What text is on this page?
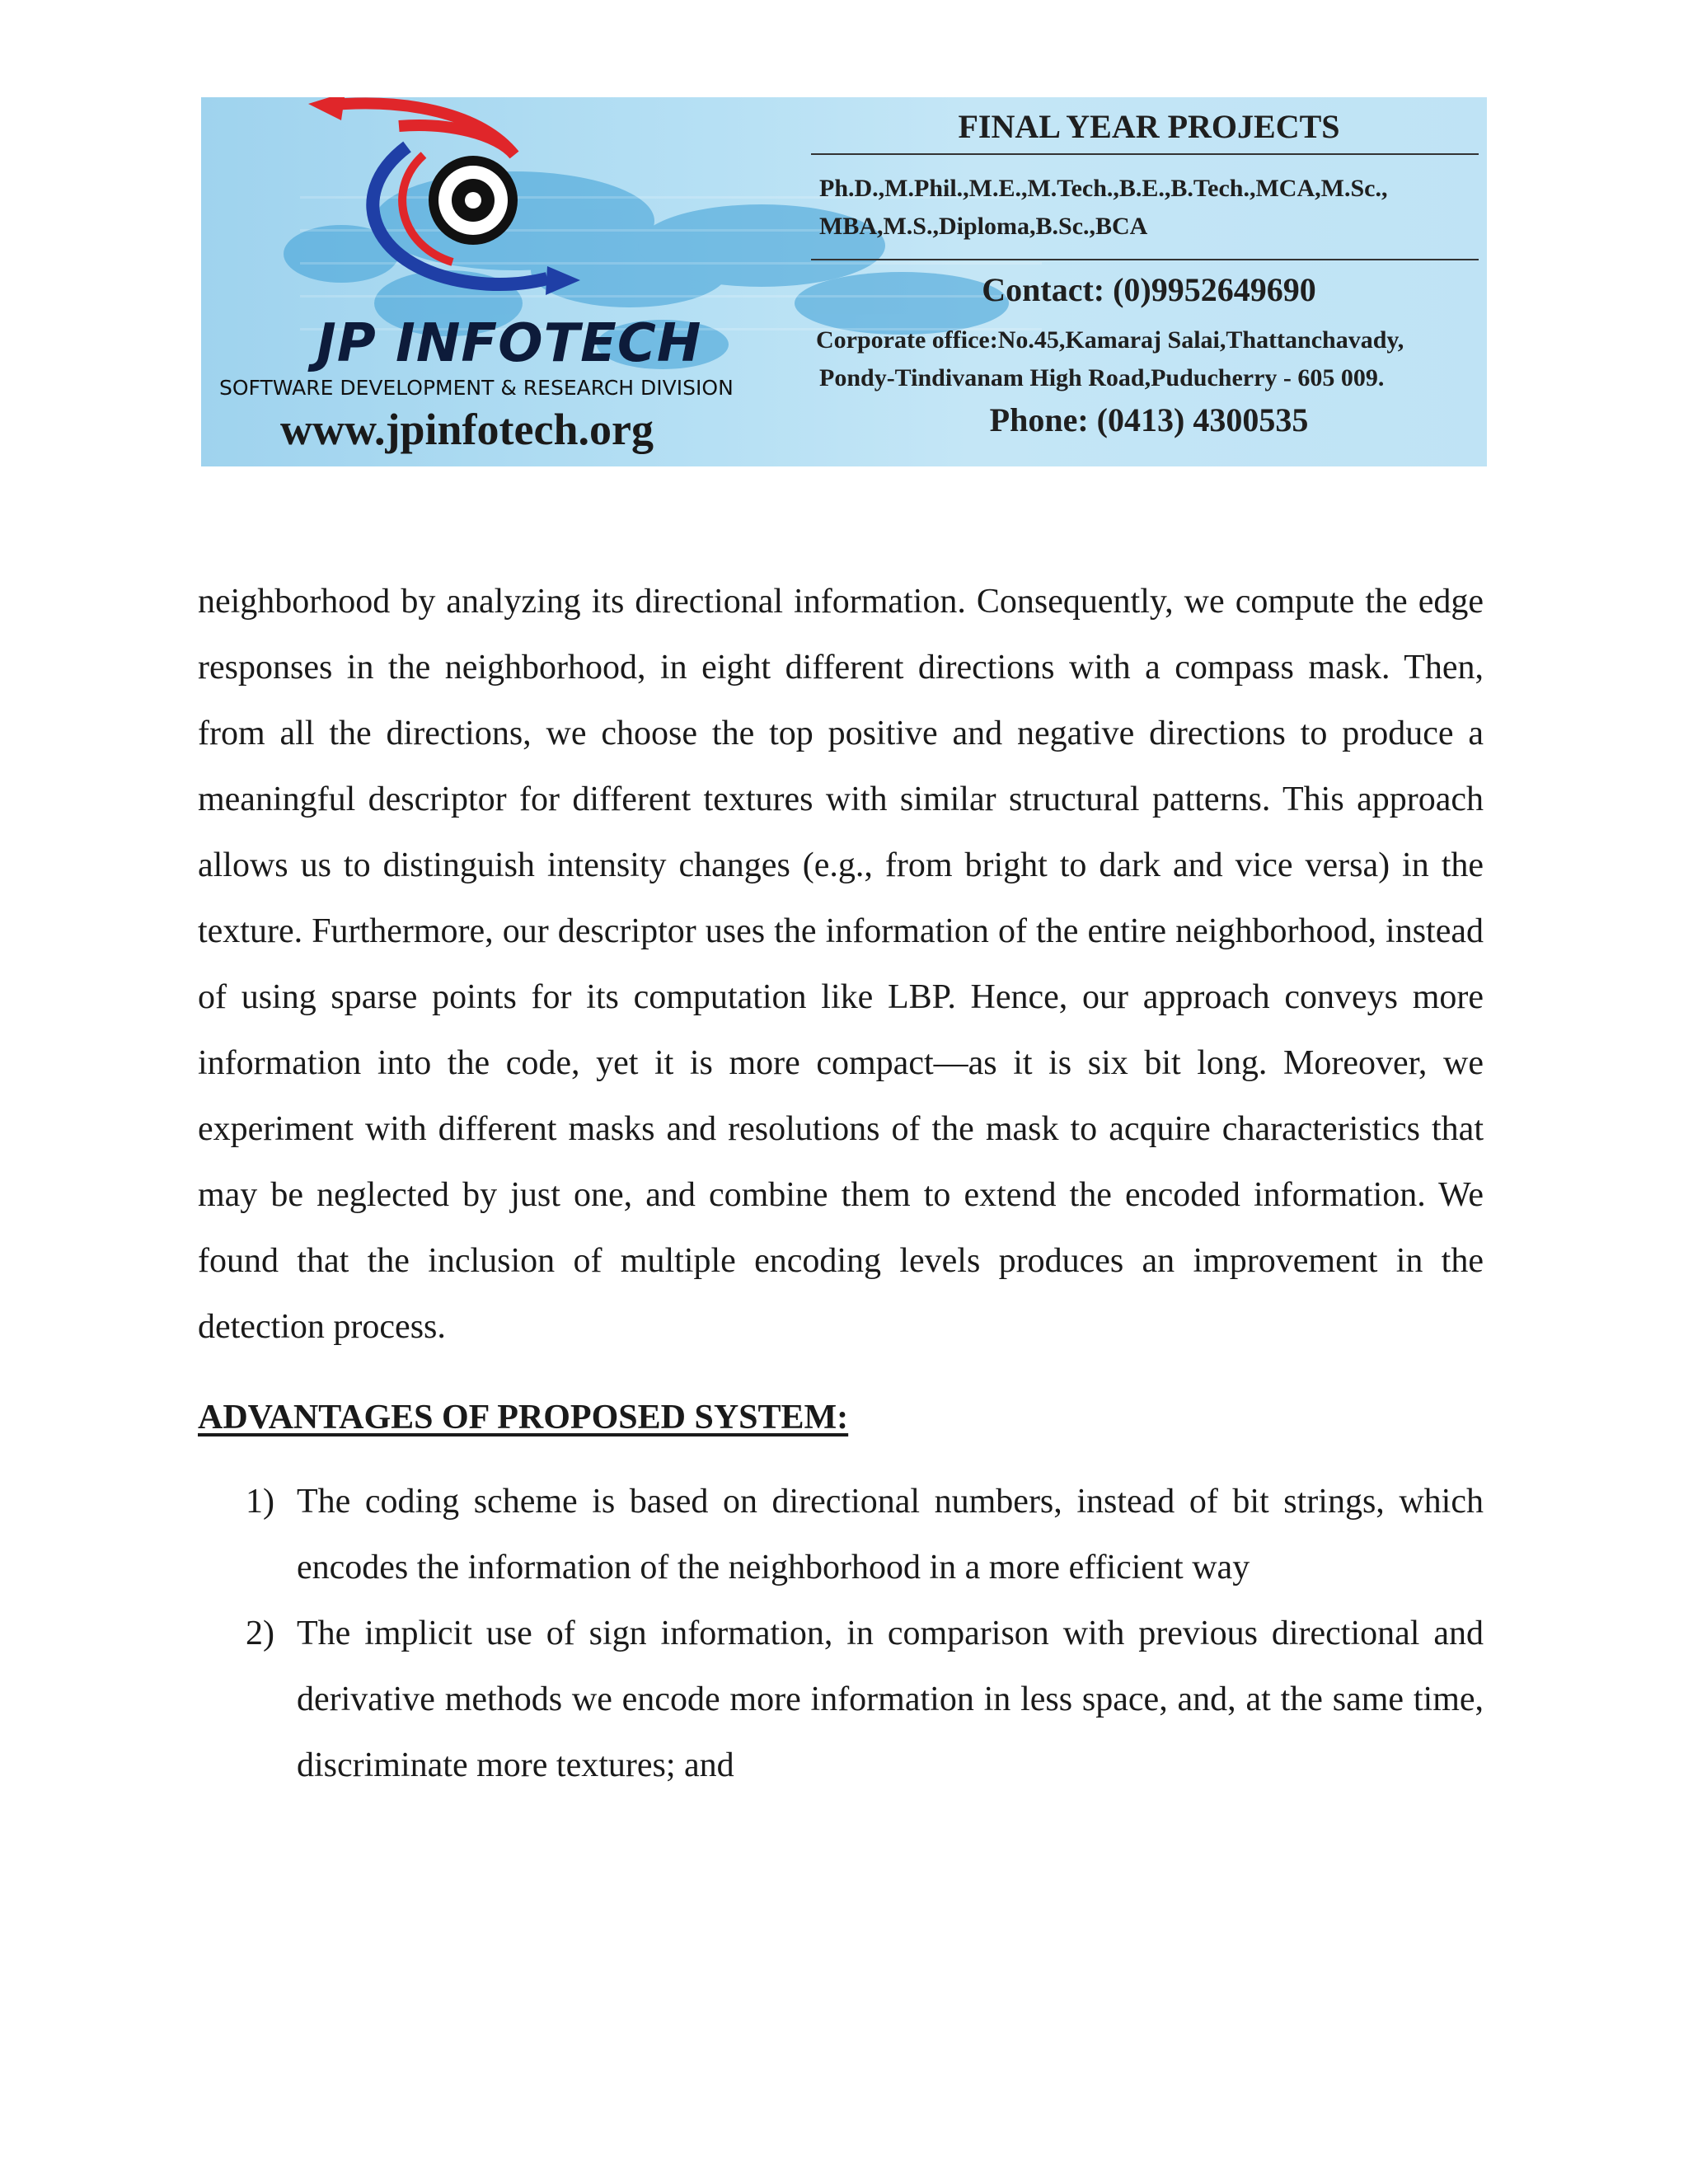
JP INFOTECH
SOFTWARE DEVELOPMENT & RESEARCH DIVISION
www.jpinfotech.org
FINAL YEAR PROJECTS
Ph.D.,M.Phil.,M.E.,M.Tech.,B.E.,B.Tech.,MCA,M.Sc.,
MBA,M.S.,Diploma,B.Sc.,BCA
Contact: (0)9952649690
Corporate office:No.45,Kamaraj Salai,Thattanchavady,
Pondy-Tindivanam High Road,Puducherry - 605 009.
Phone: (0413) 4300535

neighborhood by analyzing its directional information. Consequently, we compute the edge responses in the neighborhood, in eight different directions with a compass mask. Then, from all the directions, we choose the top positive and negative directions to produce a meaningful descriptor for different textures with similar structural patterns. This approach allows us to distinguish intensity changes (e.g., from bright to dark and vice versa) in the texture. Furthermore, our descriptor uses the information of the entire neighborhood, instead of using sparse points for its computation like LBP. Hence, our approach conveys more information into the code, yet it is more compact—as it is six bit long. Moreover, we experiment with different masks and resolutions of the mask to acquire characteristics that may be neglected by just one, and combine them to extend the encoded information. We found that the inclusion of multiple encoding levels produces an improvement in the detection process.

ADVANTAGES OF PROPOSED SYSTEM:
1) The coding scheme is based on directional numbers, instead of bit strings, which encodes the information of the neighborhood in a more efficient way
2) The implicit use of sign information, in comparison with previous directional and derivative methods we encode more information in less space, and, at the same time, discriminate more textures; and
